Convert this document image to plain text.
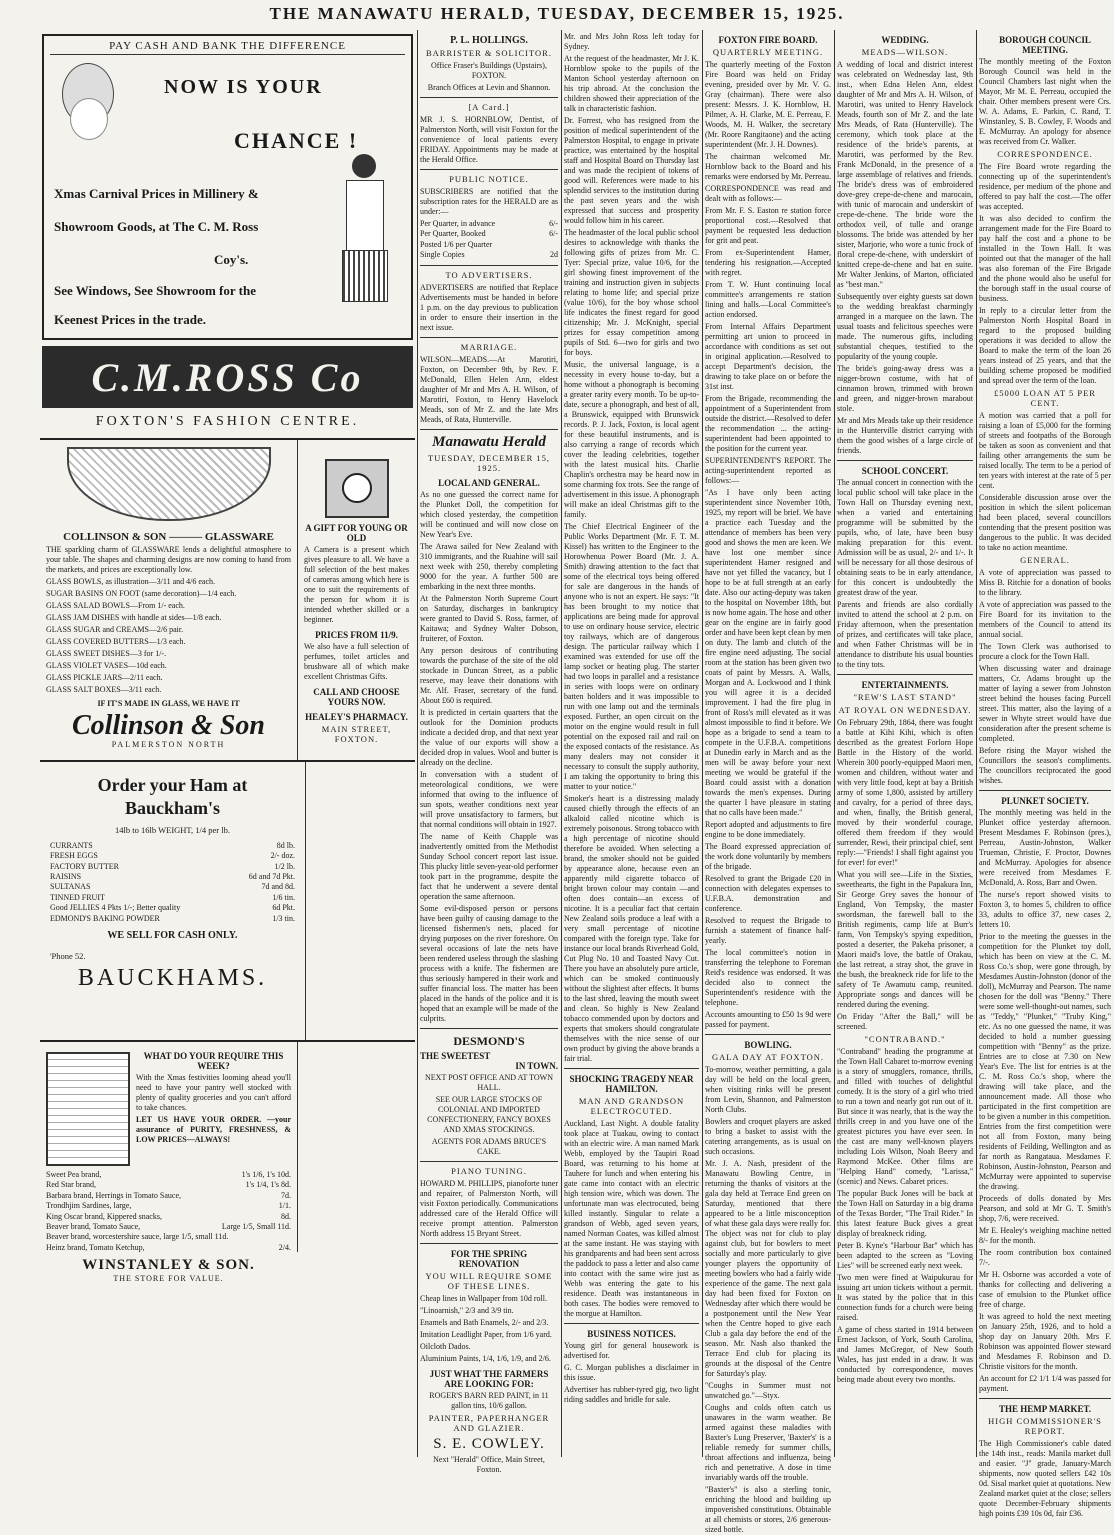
THE MANAWATU HERALD, TUESDAY, DECEMBER 15, 1925.
PAY CASH AND BANK THE DIFFERENCE
NOW IS YOUR
CHANCE !
Xmas Carnival Prices in Millinery &
Showroom Goods, at The C. M. Ross
Coy's.
See Windows, See Showroom for the
Keenest Prices in the trade.
C.M.ROSS Co
FOXTON'S FASHION CENTRE.
COLLINSON & SON ——— GLASSWARE

THE sparkling charm of GLASSWARE lends a delightful atmosphere to your table. The shapes and charming designs are now coming to hand from the markets, and prices are exceptionally low.

GLASS BOWLS, as illustration—3/11 and 4/6 each.

SUGAR BASINS ON FOOT (same decoration)—1/4 each.

GLASS SALAD BOWLS—From 1/- each.

GLASS JAM DISHES with handle at sides—1/8 each.

GLASS SUGAR and CREAMS—2/6 pair.

GLASS COVERED BUTTERS—1/3 each.

GLASS SWEET DISHES—3 for 1/-.

GLASS VIOLET VASES—10d each.

GLASS PICKLE JARS—2/11 each.

GLASS SALT BOXES—3/11 each.

IF IT'S MADE IN GLASS, WE HAVE IT
Collinson & Son
PALMERSTON NORTH
A GIFT FOR YOUNG OR OLD

A Camera is a present which gives pleasure to all. We have a full selection of the best makes of cameras among which here is one to suit the requirements of the person for whom it is intended whether skilled or a beginner.

PRICES FROM 11/9.

We also have a full selection of perfumes, toilet articles and brushware all of which make excellent Christmas Gifts.

CALL AND CHOOSE YOURS NOW.
HEALEY'S PHARMACY.
MAIN STREET, FOXTON.
Order your Ham at Bauckham's
14lb to 16lb WEIGHT, 1/4 per lb.
CURRANTS	8d lb.
FRESH EGGS	2/- doz.
FACTORY BUTTER	1/2 lb.
RAISINS	6d and 7d Pkt.
SULTANAS	7d and 8d.
TINNED FRUIT	1/6 tin.
Good JELLIES 4 Pkts 1/-; Better quality	6d Pkt.
EDMOND'S BAKING POWDER	1/3 tin.
WE SELL FOR CASH ONLY.
'Phone 52.
BAUCKHAMS.
WHAT DO YOUR REQUIRE THIS WEEK?

With the Xmas festivities looming ahead you'll need to have your pantry well stocked with plenty of quality groceries and you can't afford to take chances.

LET US HAVE YOUR ORDER. —your assurance of PURITY, FRESHNESS, & LOW PRICES—ALWAYS!

Sweet Pea brand,	1's 1/6, 1's 10d.
Red Star brand,	1's 1/4, 1's 8d.
Barbara brand, Herrings in Tomato Sauce,	7d.
Trondhjim Sardines, large,	1/1.
King Oscar brand, Kippered snacks,	8d.
Beaver brand, Tomato Sauce,	Large 1/5, Small 11d.
Beaver brand, worcestershire sauce, large 1/5, small 11d.
Heinz brand, Tomato Ketchup,	2/4.
WINSTANLEY & SON.
THE STORE FOR VALUE.
P. L. HOLLINGS.
BARRISTER & SOLICITOR.

Office Fraser's Buildings (Upstairs), FOXTON.

Branch Offices at Levin and Shannon.

[A Card.]

MR J. S. HORNBLOW, Dentist, of Palmerston North, will visit Foxton for the convenience of local patients every FRIDAY. Appointments may be made at the Herald Office.

PUBLIC NOTICE.

SUBSCRIBERS are notified that the subscription rates for the HERALD are as under:—

Per Quarter, in advance	6/-
Per Quarter, Booked	6/-
Posted 1/6 per Quarter
Single Copies	2d
TO ADVERTISERS.

ADVERTISERS are notified that Replace Advertisements must be handed in before 1 p.m. on the day previous to publication in order to ensure their insertion in the next issue.

MARRIAGE.

WILSON—MEADS.—At Marotiri, Foxton, on December 9th, by Rev. F. McDonald, Ellen Helen Ann, eldest daughter of Mr and Mrs A. H. Wilson, of Marotiri, Foxton, to Henry Havelock Meads, son of Mr Z. and the late Mrs Meads, of Rata, Hunterville.

Manawatu Herald
TUESDAY, DECEMBER 15, 1925.
LOCAL AND GENERAL.

As no one guessed the correct name for the Plunket Doll, the competition for which closed yesterday, the competition will be continued and will now close on New Year's Eve.

The Arawa sailed for New Zealand with 310 immigrants, and the Ruahine will sail next week with 250, thereby completing 9000 for the year. A further 500 are embarking in the next three months.

At the Palmerston North Supreme Court on Saturday, discharges in bankruptcy were granted to David S. Ross, farmer, of Kaitawa; and Sydney Walter Dobson, fruiterer, of Foxton.

Any person desirous of contributing towards the purchase of the site of the old stockade in Duncan Street, as a public reserve, may leave their donations with Mr. Alf. Fraser, secretary of the fund. About £60 is required.

It is predicted in certain quarters that the outlook for the Dominion products indicate a decided drop, and that next year the value of our exports will show a decided drop in values. Wool and butter is already on the decline.

In conversation with a student of meteorological conditions, we were informed that owing to the influence of sun spots, weather conditions next year will prove unsatisfactory to farmers, but that normal conditions will obtain in 1927.

The name of Keith Chapple was inadvertently omitted from the Methodist Sunday School concert report last issue. This plucky little seven-year-old performer took part in the programme, despite the fact that he underwent a severe dental operation the same afternoon.

Some evil-disposed person or persons have been guilty of causing damage to the licensed fishermen's nets, placed for drying purposes on the river foreshore. On several occasions of late the nets have been rendered useless through the slashing process with a knife. The fishermen are thus seriously hampered in their work and suffer financial loss. The matter has been placed in the hands of the police and it is hoped that an example will be made of the culprits.

DESMOND'S
THE SWEETEST
IN TOWN.

NEXT POST OFFICE AND AT TOWN HALL.

SEE OUR LARGE STOCKS OF COLONIAL AND IMPORTED CONFECTIONERY, FANCY BOXES AND XMAS STOCKINGS.

AGENTS FOR ADAMS BRUCE'S CAKE.

PIANO TUNING.

HOWARD M. PHILLIPS, pianoforte tuner and repairer, of Palmerston North, will visit Foxton periodically. Communications addressed care of the Herald Office will receive prompt attention. Palmerston North address 15 Bryant Street.

FOR THE SPRING RENOVATION
YOU WILL REQUIRE SOME OF THESE LINES.

Cheap lines in Wallpaper from 10d roll.

"Linoarnish," 2/3 and 3/9 tin.

Enamels and Bath Enamels, 2/- and 2/3.

Imitation Leadlight Paper, from 1/6 yard.

Oilcloth Dados.

Aluminium Paints, 1/4, 1/6, 1/9, and 2/6.

JUST WHAT THE FARMERS ARE LOOKING FOR:

ROGER'S BARN RED PAINT, in 11 gallon tins, 10/6 gallon.

PAINTER, PAPERHANGER AND GLAZIER.
S. E. COWLEY.

Next "Herald" Office, Main Street, Foxton.

Mr. and Mrs John Ross left today for Sydney.

At the request of the headmaster, Mr J. K. Hornblow spoke to the pupils of the Manton School yesterday afternoon on his trip abroad. At the conclusion the children showed their appreciation of the talk in characteristic fashion.

Dr. Forrest, who has resigned from the position of medical superintendent of the Palmerston Hospital, to engage in private practice, was entertained by the hospital staff and Hospital Board on Thursday last and was made the recipient of tokens of good will. References were made to his splendid services to the institution during the past seven years and the wish expressed that success and prosperity would follow him in his career.

The headmaster of the local public school desires to acknowledge with thanks the following gifts of prizes from Mr. C. Tyer: Special prize, value 10/6, for the girl showing finest improvement of the training and instruction given in subjects relating to home life; and special prize (value 10/6), for the boy whose school life indicates the finest regard for good citizenship; Mr. J. McKnight, special prizes for essay competition among pupils of Std. 6—two for girls and two for boys.

Music, the universal language, is a necessity in every house to-day, but a home without a phonograph is becoming a greater rarity every month. To be up-to-date, secure a phonograph, and best of all, a Brunswick, equipped with Brunswick records. P. J. Jack, Foxton, is local agent for these beautiful instruments, and is also carrying a range of records which cover the leading celebrities, together with the latest musical hits. Charlie Chaplin's orchestra may be heard now in some charming fox trots. See the range of advertisement in this issue. A phonograph will make an ideal Christmas gift to the family.

The Chief Electrical Engineer of the Public Works Department (Mr. F. T. M. Kissel) has written to the Engineer to the Horowhenua Power Board (Mr. J. A. Smith) drawing attention to the fact that some of the electrical toys being offered for sale are dangerous in the hands of anyone who is not an expert. He says: "It has been brought to my notice that applications are being made for approval to use on ordinary house service, electric toy railways, which are of dangerous design. The particular railway which I examined was extended for use off the lamp socket or heating plug. The starter had two loops in parallel and a resistance in series with loops were on ordinary batten holders and it was impossible to run with one lamp out and the terminals exposed. Further, an open circuit on the motor on the engine would result in full potential on the exposed rail and rail on the exposed contacts of the resistance. As many dealers may not consider it necessary to consult the supply authority, I am taking the opportunity to bring this matter to your notice."

Smoker's heart is a distressing malady caused chiefly through the effects of an alkaloid called nicotine which is extremely poisonous. Strong tobacco with a high percentage of nicotine should therefore be avoided. When selecting a brand, the smoker should not be guided by appearance alone, because even an apparently mild cigarette tobacco of bright brown colour may contain —and often does contain—an excess of nicotine. It is a peculiar fact that certain New Zealand soils produce a leaf with a very small percentage of nicotine compared with the foreign type. Take for instance our local brands Riverhead Gold, Cut Plug No. 10 and Toasted Navy Cut. There you have an absolutely pure article, which can be smoked continuously without the slightest after effects. It burns to the last shred, leaving the mouth sweet and clean. So highly is New Zealand tobacco commended upon by doctors and experts that smokers should congratulate themselves with the nice sense of our own product by giving the above brands a fair trial.

SHOCKING TRAGEDY NEAR HAMILTON.
MAN AND GRANDSON ELECTROCUTED.

Auckland, Last Night. A double fatality took place at Tuakau, owing to contact with an electric wire. A man named Mark Webb, employed by the Taupiri Road Board, was returning to his home at Tauhere for lunch and when entering his gate came into contact with an electric high tension wire, which was down. The unfortunate man was electrocuted, being killed instantly. Singular to relate a grandson of Webb, aged seven years, named Norman Coates, was killed almost at the same instant. He was staying with his grandparents and had been sent across the paddock to pass a letter and also came into contact with the same wire just as Webb was entering the gate to his residence. Death was instantaneous in both cases. The bodies were removed to the morgue at Hamilton.

BUSINESS NOTICES.

Young girl for general housework is advertised for.

G. C. Morgan publishes a disclaimer in this issue.

Advertiser has rubber-tyred gig, two light riding saddles and bridle for sale.

FOXTON FIRE BOARD.
QUARTERLY MEETING.

The quarterly meeting of the Foxton Fire Board was held on Friday evening, presided over by Mr. V. G. Gray (chairman). There were also present: Messrs. J. K. Hornblow, H. Pilmer, A. H. Clarke, M. E. Perreau, F. Woods, M. H. Walker, the secretary (Mr. Roore Rangitaone) and the acting superintendent (Mr. J. H. Downes).

The chairman welcomed Mr. Hornblow back to the Board and his remarks were endorsed by Mr. Perreau.

CORRESPONDENCE was read and dealt with as follows:—

From Mr. F. S. Easton re station force proportional cost.—Resolved that payment be requested less deduction for grit and peat.

From ex-Superintendent Hamer, tendering his resignation.—Accepted with regret.

From T. W. Hunt continuing local committee's arrangements re station lining and halls.—Local Committee's action endorsed.

From Internal Affairs Department permitting art union to proceed in accordance with conditions as set out in original application.—Resolved to accept Department's decision, the drawing to take place on or before the 31st inst.

From the Brigade, recommending the appointment of a Superintendent from outside the district.—Resolved to defer the recommendation ... the acting-superintendent had been appointed to the position for the current year.

SUPERINTENDENT'S REPORT. The acting-superintendent reported as follows:—

"As I have only been acting superintendent since November 10th, 1925, my report will be brief. We have a practice each Tuesday and the attendance of members has been very good and shows the men are keen. We have lost one member since superintendent Hamer resigned and have not yet filled the vacancy, but I hope to be at full strength at an early date. Also our acting-deputy was taken to the hospital on November 18th, but is now home again. The hose and other gear on the engine are in fairly good order and have been kept clean by men on duty. The lamb and clutch of the fire engine need adjusting. The social room at the station has been given two coats of paint by Messrs. A. Walls, Morgan and A. Lockwood and I think you will agree it is a decided improvement. I had the fire plug in front of Ross's mill elevated as it was almost impossible to find it before. We hope as a brigade to send a team to compete in the U.F.B.A. competitions at Dunedin early in March and as the men will be away before your next meeting we would be grateful if the Board could assist with a donation towards the men's expenses. During the quarter I have pleasure in stating that no calls have been made."

Report adopted and adjustments to fire engine to be done immediately.

The Board expressed appreciation of the work done voluntarily by members of the brigade.

Resolved to grant the Brigade £20 in connection with delegates expenses to U.F.B.A. demonstration and conference.

Resolved to request the Brigade to furnish a statement of finance half-yearly.

The local committee's notion in transferring the telephone to Foreman Reid's residence was endorsed. It was decided also to connect the Superintendent's residence with the telephone.

Accounts amounting to £50 1s 9d were passed for payment.

BOWLING.
GALA DAY AT FOXTON.

To-morrow, weather permitting, a gala day will be held on the local green, when visiting rinks will be present from Levin, Shannon, and Palmerston North Clubs.

Bowlers and croquet players are asked to bring a basket to assist with the catering arrangements, as is usual on such occasions.

Mr. J. A. Nash, president of the Manawatu Bowling Centre, in returning the thanks of visitors at the gala day held at Terrace End green on Saturday, mentioned that there appeared to be a little misconception of what these gala days were really for. The object was not for club to play against club, but for bowlers to meet socially and more particularly to give younger players the opportunity of meeting bowlers who had a fairly wide experience of the game. The next gala day had been fixed for Foxton on Wednesday after which there would be a postponement until the New Year when the Centre hoped to give each Club a gala day before the end of the season. Mr. Nash also thanked the Terrace End club for placing its grounds at the disposal of the Centre for Saturday's play.

"Coughs in Summer must not unwatched go."—Styx.

Coughs and colds often catch us unawares in the warm weather. Be armed against these maladies with Baxter's Lung Preserver, 'Baxter's' is a reliable remedy for summer chills, throat affections and influenza, being rich and penetrative. A dose in time invariably wards off the trouble.

"Baxter's" is also a sterling tonic, enriching the blood and building up impoverished constitutions. Obtainable at all chemists or stores, 2/6 generous-sized bottle.

WEDDING.
MEADS—WILSON.

A wedding of local and district interest was celebrated on Wednesday last, 9th inst., when Edna Helen Ann, eldest daughter of Mr and Mrs A. H. Wilson, of Marotiri, was united to Henry Havelock Meads, fourth son of Mr Z. and the late Mrs Meads, of Rata (Hunterville). The ceremony, which took place at the residence of the bride's parents, at Marotiri, was performed by the Rev. Frank McDonald, in the presence of a large assemblage of relatives and friends. The bride's dress was of embroidered dove-grey crepe-de-chene and marocain, with tunic of marocain and underskirt of crepe-de-chene. The bride wore the orthodox veil, of tulle and orange blossoms. The bride was attended by her sister, Marjorie, who wore a tunic frock of floral crepe-de-chene, with underskirt of knitted crepe-de-chene and hat en suite. Mr Walter Jenkins, of Marton, officiated as "best man."

Subsequently over eighty guests sat down to the wedding breakfast charmingly arranged in a marquee on the lawn. The usual toasts and felicitous speeches were made. The numerous gifts, including substantial cheques, testified to the popularity of the young couple.

The bride's going-away dress was a nigger-brown costume, with hat of cinnamon brown, trimmed with brown and green, and nigger-brown marabout stole.

Mr and Mrs Meads take up their residence in the Hunterville district carrying with them the good wishes of a large circle of friends.

SCHOOL CONCERT.

The annual concert in connection with the local public school will take place in the Town Hall on Thursday evening next, when a varied and entertaining programme will be submitted by the pupils, who, of late, have been busy making preparation for this event. Admission will be as usual, 2/- and 1/-. It will be necessary for all those desirous of obtaining seats to be in early attendance, for this concert is undoubtedly the greatest draw of the year.

Parents and friends are also cordially invited to attend the school at 2 p.m. on Friday afternoon, when the presentation of prizes, and certificates will take place, and when Father Christmas will be in attendance to distribute his usual bounties to the tiny tots.

ENTERTAINMENTS.
"REW'S LAST STAND"
AT ROYAL ON WEDNESDAY.

On February 29th, 1864, there was fought a battle at Kihi Kihi, which is often described as the greatest Forlorn Hope Battle in the History of the world. Wherein 300 poorly-equipped Maori men, women and children, without water and with very little food, kept at bay a British army of some 1,800, assisted by artillery and cavalry, for a period of three days, and when, finally, the British general, moved by their wonderful courage, offered them freedom if they would surrender, Rewi, their principal chief, sent reply:—"Friends! I shall fight against you for ever! for ever!"

What you will see—Life in the Sixties, sweethearts, the fight in the Papakura Inn, Sir George Grey saves the honour of England, Von Tempsky, the master swordsman, the farewell ball to the British regiments, camp life at Burr's farm, Von Tempsky's spying expedition, posted a deserter, the Pakeha prisoner, a Maori maid's love, the battle of Orakau, the last retreat, a stray shot, the grave in the bush, the breakneck ride for life to the safety of Te Awamutu camp, reunited. Appropriate songs and dances will be rendered during the evening.

On Friday "After the Ball," will be screened.

"CONTRABAND."

"Contraband" heading the programme at the Town Hall Cabaret to-morrow evening is a story of smugglers, romance, thrills, and filled with touches of delightful comedy. It is the story of a girl who tried to run a town and nearly got run out of it. But since it was nearly, that is the way the thrills creep in and you have one of the greatest pictures you have ever seen. In the cast are many well-known players including Lois Wilson, Noah Beery and Raymond McKee. Other films are "Helping Hand" comedy, "Larissa," (scenic) and News. Cabaret prices.

The popular Buck Jones will be back at the Town Hall on Saturday in a big drama of the Texas Border, "The Trail Rider." In this latest feature Buck gives a great display of breakneck riding.

Peter B. Kyne's "Harbour Bar" which has been adapted to the screen as "Loving Lies" will be screened early next week.

Two men were fined at Waipukurau for issuing art union tickets without a permit. It was stated by the police that in this connection funds for a church were being raised.

A game of chess started in 1914 between Ernest Jackson, of York, South Carolina, and James McGregor, of New South Wales, has just ended in a draw. It was conducted by correspondence, moves being made about every two months.

BOROUGH COUNCIL MEETING.

The monthly meeting of the Foxton Borough Council was held in the Council Chambers last night when the Mayor, Mr M. E. Perreau, occupied the chair. Other members present were Crs. W. A. Adams, E. Parkin, C. Rand, T. Winstanley, S. B. Cowley, F. Woods and E. McMurray. An apology for absence was received from Cr. Walker.

CORRESPONDENCE.

The Fire Board wrote regarding the connecting up of the superintendent's residence, per medium of the phone and offered to pay half the cost.—The offer was accepted.

It was also decided to confirm the arrangement made for the Fire Board to pay half the cost and a phone to be installed in the Town Hall. It was pointed out that the manager of the hall was also foreman of the Fire Brigade and the phone would also be useful for the borough staff in the usual course of business.

In reply to a circular letter from the Palmerston North Hospital Board in regard to the proposed building operations it was decided to allow the Board to make the term of the loan 26 years instead of 25 years, and that the building scheme proposed be modified and spread over the term of the loan.

£5000 LOAN AT 5 PER CENT.

A motion was carried that a poll for raising a loan of £5,000 for the forming of streets and footpaths of the Borough be taken as soon as convenient and that failing other arrangements the sum be raised locally. The term to be a period of ten years with interest at the rate of 5 per cent.

Considerable discussion arose over the position in which the silent policeman had been placed, several councillors contending that the present position was dangerous to the public. It was decided to take no action meantime.

GENERAL.

A vote of appreciation was passed to Miss B. Ritchie for a donation of books to the library.

A vote of appreciation was passed to the Fire Board for its invitation to the members of the Council to attend its annual social.

The Town Clerk was authorised to procure a clock for the Town Hall.

When discussing water and drainage matters, Cr. Adams brought up the matter of laying a sewer from Johnston street behind the houses facing Purcell street. This matter, also the laying of a sewer in Whyte street would have due consideration after the present scheme is completed.

Before rising the Mayor wished the Councillors the season's compliments. The councillors reciprocated the good wishes.

PLUNKET SOCIETY.

The monthly meeting was held in the Plunket office yesterday afternoon. Present Mesdames F. Robinson (pres.), Perreau, Austin-Johnston, Walker Trueman, Christie, F. Proctor, Downes and McMurray. Apologies for absence were received from Mesdames F. McDonald, A. Ross, Barr and Owen.

The nurse's report showed visits to Foxton 3, to homes 5, children to office 33, adults to office 37, new cases 2, letters 10.

Prior to the meeting the guesses in the competition for the Plunket toy doll, which has been on view at the C. M. Ross Co.'s shop, were gone through, by Mesdames Austin-Johnston (donor of the doll), McMurray and Pearson. The name chosen for the doll was "Benny." There were some well-thought-out names, such as "Teddy," "Plunket," "Truby King," etc. As no one guessed the name, it was decided to hold a number guessing competition with "Benny" as the prize. Entries are to close at 7.30 on New Year's Eve. The list for entries is at the C. M. Ross Co.'s shop, where the drawing will take place, and the announcement made. All those who participated in the first competition are to be given a number in this competition. Entries from the first competition were not all from Foxton, many being residents of Feilding, Wellington and as far north as Rangataua. Mesdames F. Robinson, Austin-Johnston, Pearson and McMurray were appointed to supervise the drawing.

Proceeds of dolls donated by Mrs Pearson, and sold at Mr G. T. Smith's shop, 7/6, were received.

Mr E. Healey's weighing machine netted 8/- for the month.

The room contribution box contained 7/-.

Mr H. Osborne was accorded a vote of thanks for collecting and delivering a case of emulsion to the Plunket office free of charge.

It was agreed to hold the next meeting on January 25th, 1926, and to hold a shop day on January 20th. Mrs F. Robinson was appointed flower steward and Mesdames F. Robinson and D. Christie visitors for the month.

An account for £2 1/1 1/4 was passed for payment.

THE HEMP MARKET.
HIGH COMMISSIONER'S REPORT.

The High Commissioner's cable dated the 14th inst., reads: Manila market dull and easier. "J" grade, January-March shipments, now quoted sellers £42 10s 0d. Sisal market quiet at quotations. New Zealand market quiet at the close; sellers quote December-February shipments high points £39 10s 0d, fair £36.
